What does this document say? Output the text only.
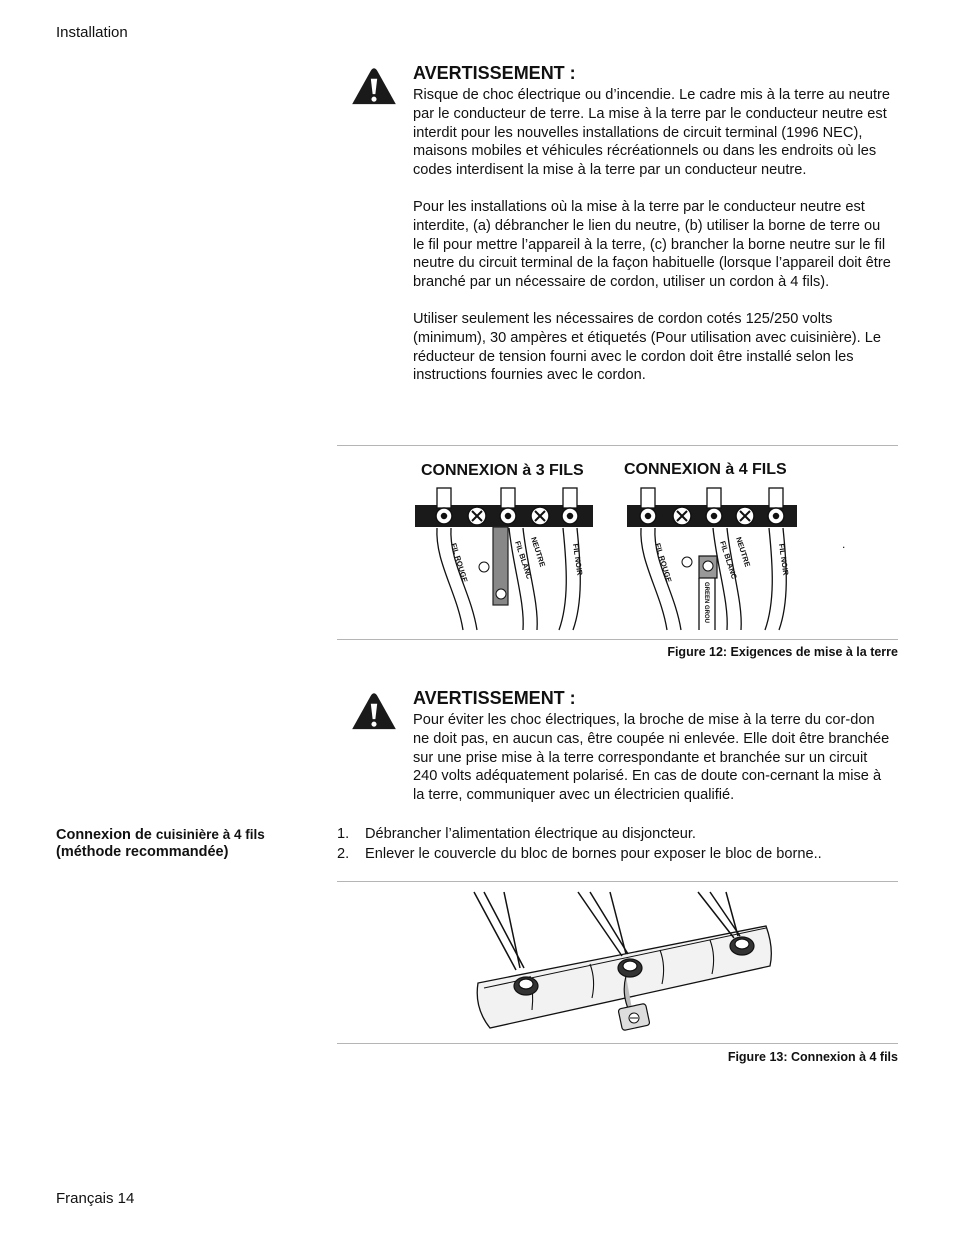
Installation
AVERTISSEMENT :

Risque de choc électrique ou d’incendie. Le cadre mis à la terre au neutre par le conducteur de terre. La mise à la terre par le conducteur neutre est interdit pour les nouvelles installations de circuit terminal (1996 NEC), maisons mobiles et véhicules récréationnels ou dans les endroits où les codes interdisent la mise à la terre par un conducteur neutre.

Pour les installations où la mise à la terre par le conducteur neutre est interdite, (a) débrancher le lien du neutre, (b) utiliser la borne de terre ou le fil pour mettre l’appareil à la terre, (c) brancher la borne neutre sur le fil neutre du circuit terminal de la façon habituelle (lorsque l’appareil doit être branché par un nécessaire de cordon, utiliser un cordon à 4 fils).

Utiliser seulement les nécessaires de cordon cotés 125/250 volts (minimum), 30 ampères et étiquetés (Pour utilisation avec cuisinière). Le réducteur de tension fourni avec le cordon doit être installé selon les instructions fournies avec le cordon.

CONNEXION à 3 FILS	CONNEXION à 4 FILS
FIL ROUGE	FIL BLANC
NEUTRE	FIL NOIR	FIL ROUGE	FIL BLANC
NEUTRE	FIL NOIR
GREEN GROU
.
Figure 12: Exigences de mise à la terre
AVERTISSEMENT :

Pour éviter les choc électriques, la broche de mise à la terre du cor-don ne doit pas, en aucun cas, être coupée ni enlevée. Elle doit être branchée sur une prise mise à la terre correspondante et branchée sur un circuit 240 volts adéquatement polarisé. En cas de doute con-cernant la mise à la terre, communiquer avec un électricien qualifié.

Connexion de cuisinière à 4 fils
(méthode recommandée)
1. Débrancher l’alimentation électrique au disjoncteur.
2. Enlever le couvercle du bloc de bornes pour exposer le bloc de borne..
Figure 13: Connexion à 4 fils
Français 14
